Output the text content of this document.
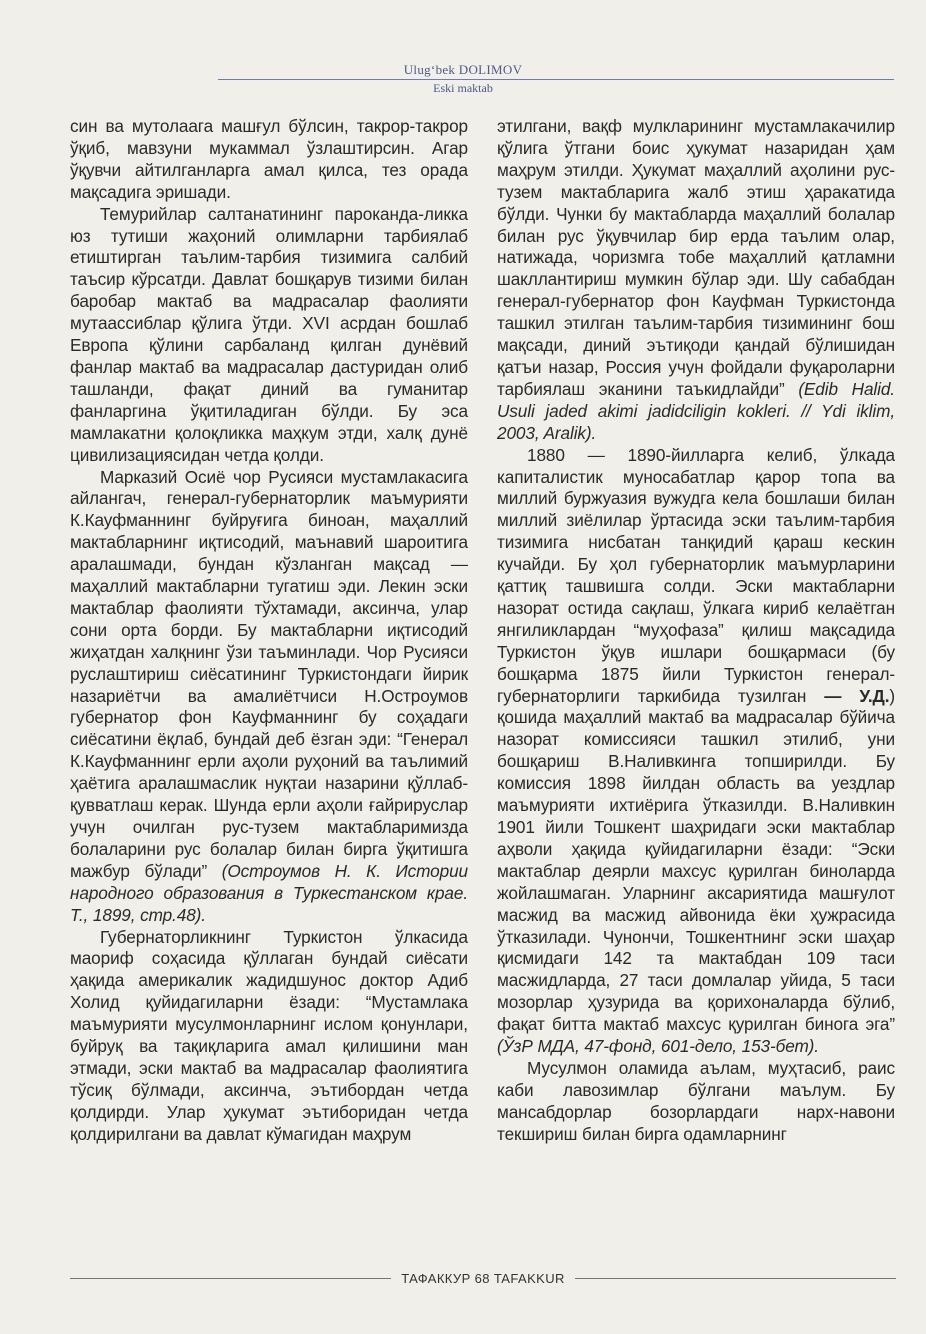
Ulug‘bek DOLIMOV
Eski maktab

син ва мутолаага машғул бўлсин, такрор-такрор ўқиб, мавзуни мукаммал ўзлаштирсин. Агар ўқувчи айтилганларга амал қилса, тез орада мақсадига эришади.

Темурийлар салтанатининг пароканда-ликка юз тутиши жаҳоний олимларни тарбиялаб етиштирган таълим-тарбия тизимига салбий таъсир кўрсатди. Давлат бошқарув тизими билан баробар мактаб ва мадрасалар фаолияти мутаассиблар қўлига ўтди. XVI асрдан бошлаб Европа қўлини сарбаланд қилган дунёвий фанлар мактаб ва мадрасалар дастуридан олиб ташланди, фақат диний ва гуманитар фанларгина ўқитиладиган бўлди. Бу эса мамлакатни қолоқликка маҳкум этди, халқ дунё цивилизациясидан четда қолди.

Марказий Осиё чор Русияси мустамлакасига айлангач, генерал-губернаторлик маъмурияти К.Кауфманнинг буйруғига биноан, маҳаллий мактабларнинг иқтисодий, маънавий шароитига аралашмади, бундан кўзланган мақсад — маҳаллий мактабларни тугатиш эди. Лекин эски мактаблар фаолияти тўхтамади, аксинча, улар сони орта борди. Бу мактабларни иқтисодий жиҳатдан халқнинг ўзи таъминлади. Чор Русияси руслаштириш сиёсатининг Туркистондаги йирик назариётчи ва амалиётчиси Н.Остроумов губернатор фон Кауфманнинг бу соҳадаги сиёсатини ёқлаб, бундай деб ёзган эди: “Генерал К.Кауфманнинг ерли аҳоли руҳоний ва таълимий ҳаётига аралашмаслик нуқтаи назарини қўллаб-қувватлаш керак. Шунда ерли аҳоли ғайрируслар учун очилган рус-тузем мактабларимизда болаларини рус болалар билан бирга ўқитишга мажбур бўлади” (Остроумов Н. К. Истории народного образования в Туркестанском крае. Т., 1899, стр.48).

Губернаторликнинг Туркистон ўлкасида маориф соҳасида қўллаган бундай сиёсати ҳақида америкалик жадидшунос доктор Адиб Холид қуйидагиларни ёзади: “Мустамлака маъмурияти мусулмонларнинг ислом қонунлари, буйруқ ва тақиқларига амал қилишини ман этмади, эски мактаб ва мадрасалар фаолиятига тўсиқ бўлмади, аксинча, эътибордан четда қолдирди. Улар ҳукумат эътиборидан четда қолдирилгани ва давлат кўмагидан маҳрум

этилгани, вақф мулкларининг мустамлакачилир қўлига ўтгани боис ҳукумат назаридан ҳам маҳрум этилди. Ҳукумат маҳаллий аҳолини рус-тузем мактабларига жалб этиш ҳаракатида бўлди. Чунки бу мактабларда маҳаллий болалар билан рус ўқувчилар бир ерда таълим олар, натижада, чоризмга тобе маҳаллий қатламни шакллантириш мумкин бўлар эди. Шу сабабдан генерал-губернатор фон Кауфман Туркистонда ташкил этилган таълим-тарбия тизимининг бош мақсади, диний эътиқоди қандай бўлишидан қатъи назар, Россия учун фойдали фуқароларни тарбиялаш эканини таъкидлайди” (Edib Halid. Usuli jaded akimi jadidciligin kokleri. // Ydi iklim, 2003, Aralik).

1880 — 1890-йилларга келиб, ўлкада капиталистик муносабатлар қарор топа ва миллий буржуазия вужудга кела бошлаши билан миллий зиёлилар ўртасида эски таълим-тарбия тизимига нисбатан танқидий қараш кескин кучайди. Бу ҳол губернаторлик маъмурларини қаттиқ ташвишга солди. Эски мактабларни назорат остида сақлаш, ўлкага кириб келаётган янгиликлардан “муҳофаза” қилиш мақсадида Туркистон ўқув ишлари бошқармаси (бу бошқарма 1875 йили Туркистон генерал-губернаторлиги таркибида тузилган — У.Д.) қошида маҳаллий мактаб ва мадрасалар бўйича назорат комиссияси ташкил этилиб, уни бошқариш В.Наливкинга топширилди. Бу комиссия 1898 йилдан область ва уездлар маъмурияти ихтиёрига ўтказилди. В.Наливкин 1901 йили Тошкент шаҳридаги эски мактаблар аҳволи ҳақида қуйидагиларни ёзади: “Эски мактаблар деярли махсус қурилган биноларда жойлашмаган. Уларнинг аксариятида машғулот масжид ва масжид айвонида ёки ҳужрасида ўтказилади. Чунончи, Тошкентнинг эски шаҳар қисмидаги 142 та мактабдан 109 таси масжидларда, 27 таси домлалар уйида, 5 таси мозорлар ҳузурида ва қорихоналарда бўлиб, фақат битта мактаб махсус қурилган бинога эга” (ЎзР МДА, 47-фонд, 601-дело, 153-бет).

Мусулмон оламида аълам, муҳтасиб, раис каби лавозимлар бўлгани маълум. Бу мансабдорлар бозорлардаги нарх-навони текшириш билан бирга одамларнинг

ТАФАККУР 68 TAFAKKUR
